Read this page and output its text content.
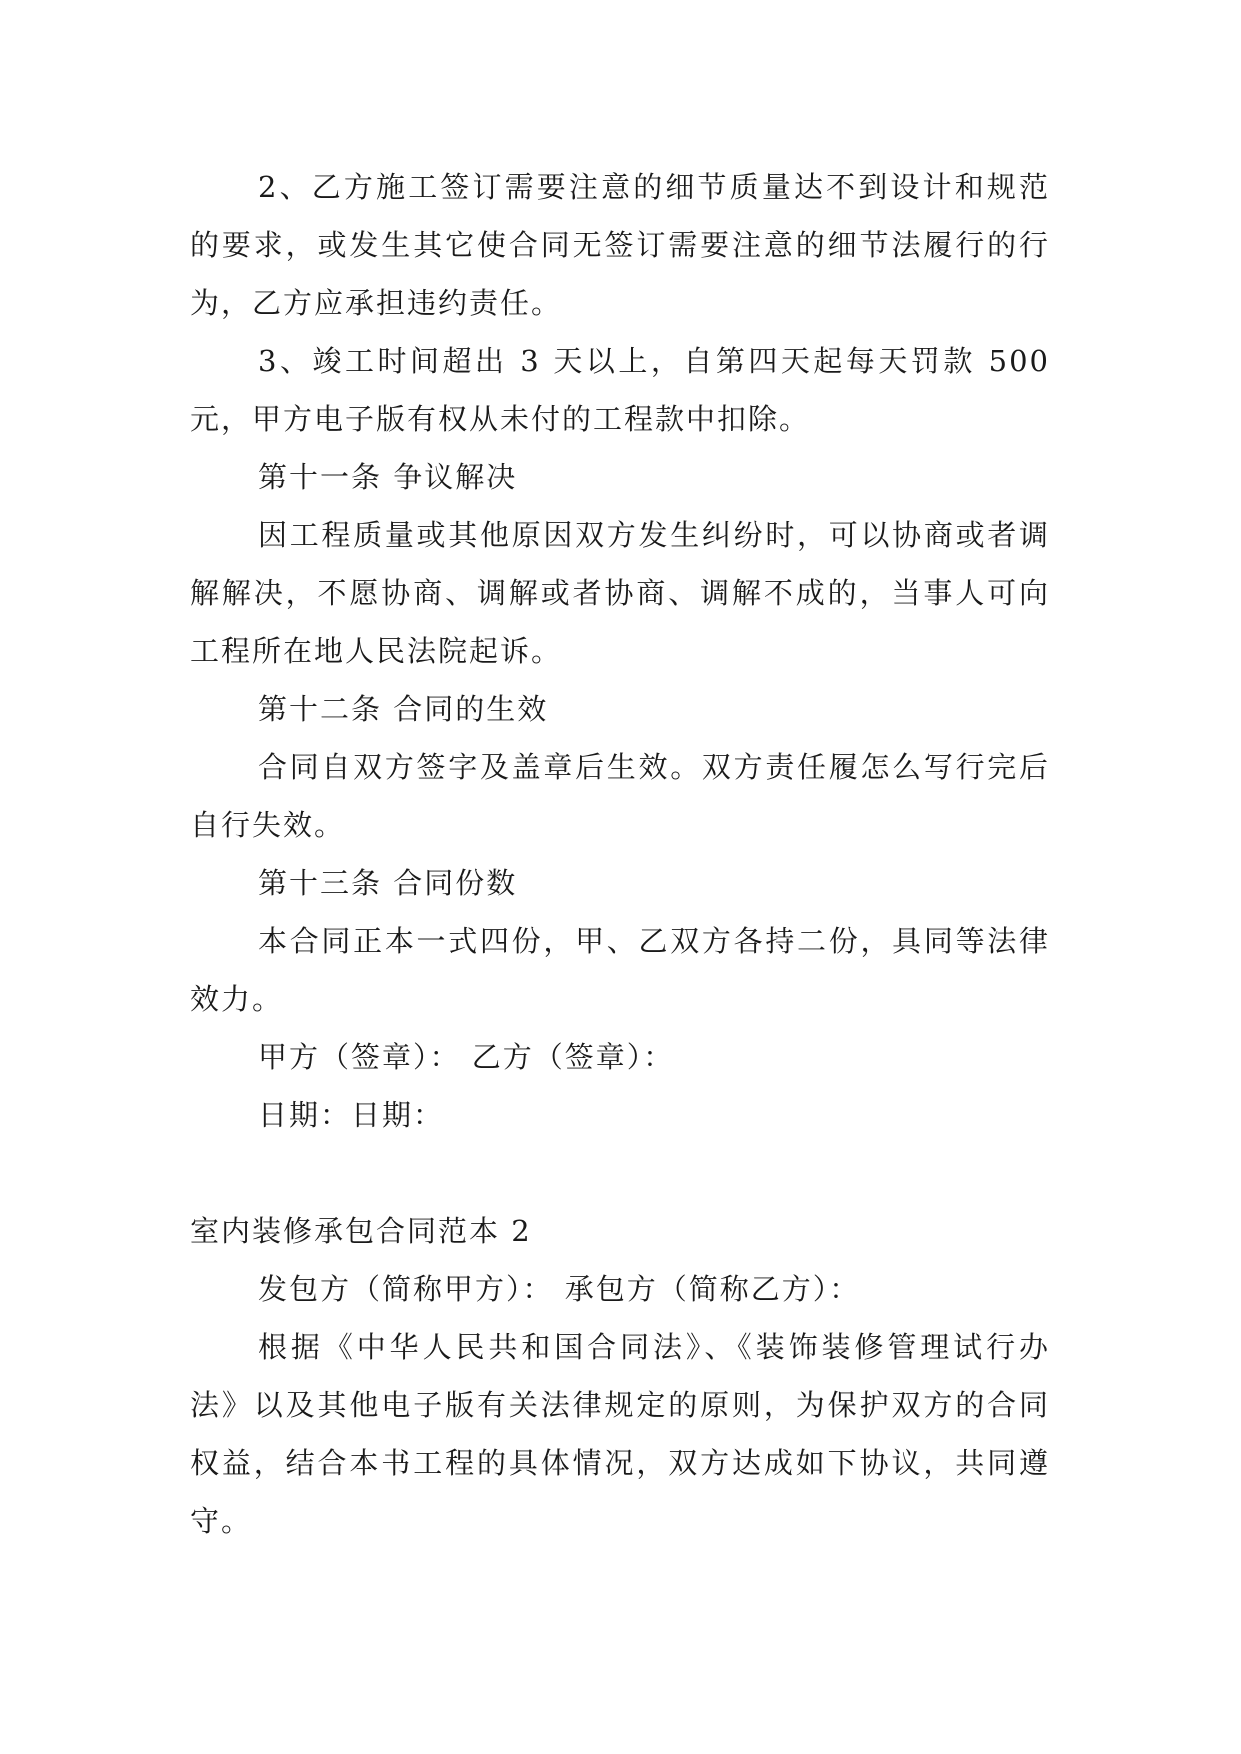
2、乙方施工签订需要注意的细节质量达不到设计和规范的要求，或发生其它使合同无签订需要注意的细节法履行的行为，乙方应承担违约责任。

3、竣工时间超出 3 天以上，自第四天起每天罚款 500 元，甲方电子版有权从未付的工程款中扣除。

第十一条 争议解决

因工程质量或其他原因双方发生纠纷时，可以协商或者调解解决，不愿协商、调解或者协商、调解不成的，当事人可向工程所在地人民法院起诉。

第十二条 合同的生效

合同自双方签字及盖章后生效。双方责任履怎么写行完后自行失效。

第十三条 合同份数

本合同正本一式四份，甲、乙双方各持二份，具同等法律效力。

甲方（签章）： 乙方（签章）：

日期：日期：

室内装修承包合同范本 2

发包方（简称甲方）： 承包方（简称乙方）：

根据《中华人民共和国合同法》、《装饰装修管理试行办法》以及其他电子版有关法律规定的原则，为保护双方的合同权益，结合本书工程的具体情况，双方达成如下协议，共同遵守。
